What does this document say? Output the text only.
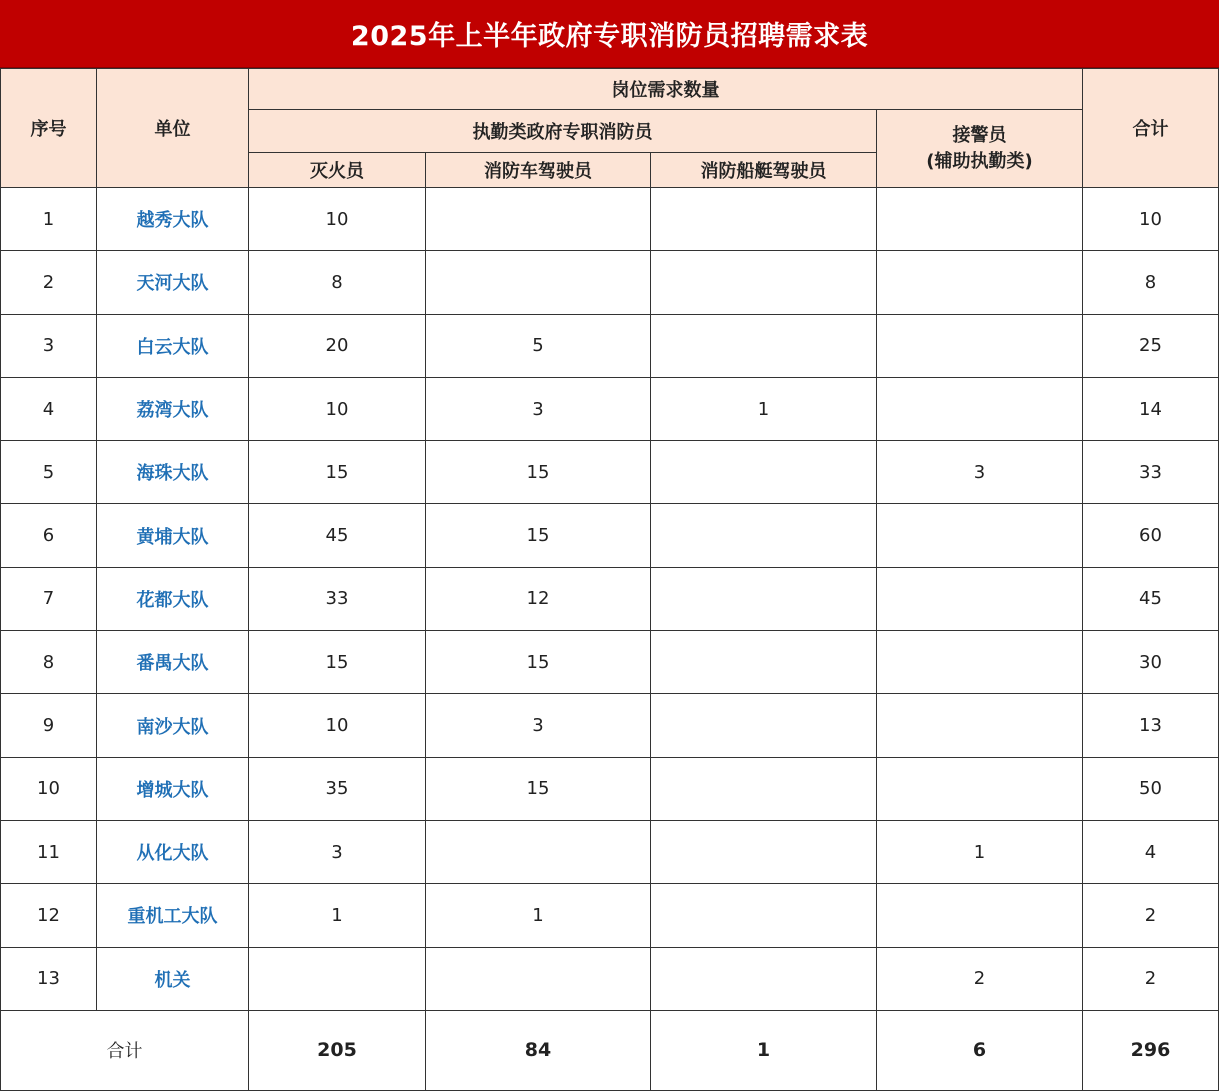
2025年上半年政府专职消防员招聘需求表
序号	单位	岗位需求数量				合计
		执勤类政府专职消防员			接警员
(辅助执勤类)	

		灭火员	消防车驾驶员	消防船艇驾驶员		
1	越秀大队	10				10
2	天河大队	8				8
3	白云大队	20	5			25
4	荔湾大队	10	3	1		14
5	海珠大队	15	15		3	33
6	黄埔大队	45	15			60
7	花都大队	33	12			45
8	番禺大队	15	15			30
9	南沙大队	10	3			13
10	增城大队	35	15			50
11	从化大队	3			1	4
12	重机工大队	1	1			2
13	机关				2	2
合计		205	84	1	6	296
